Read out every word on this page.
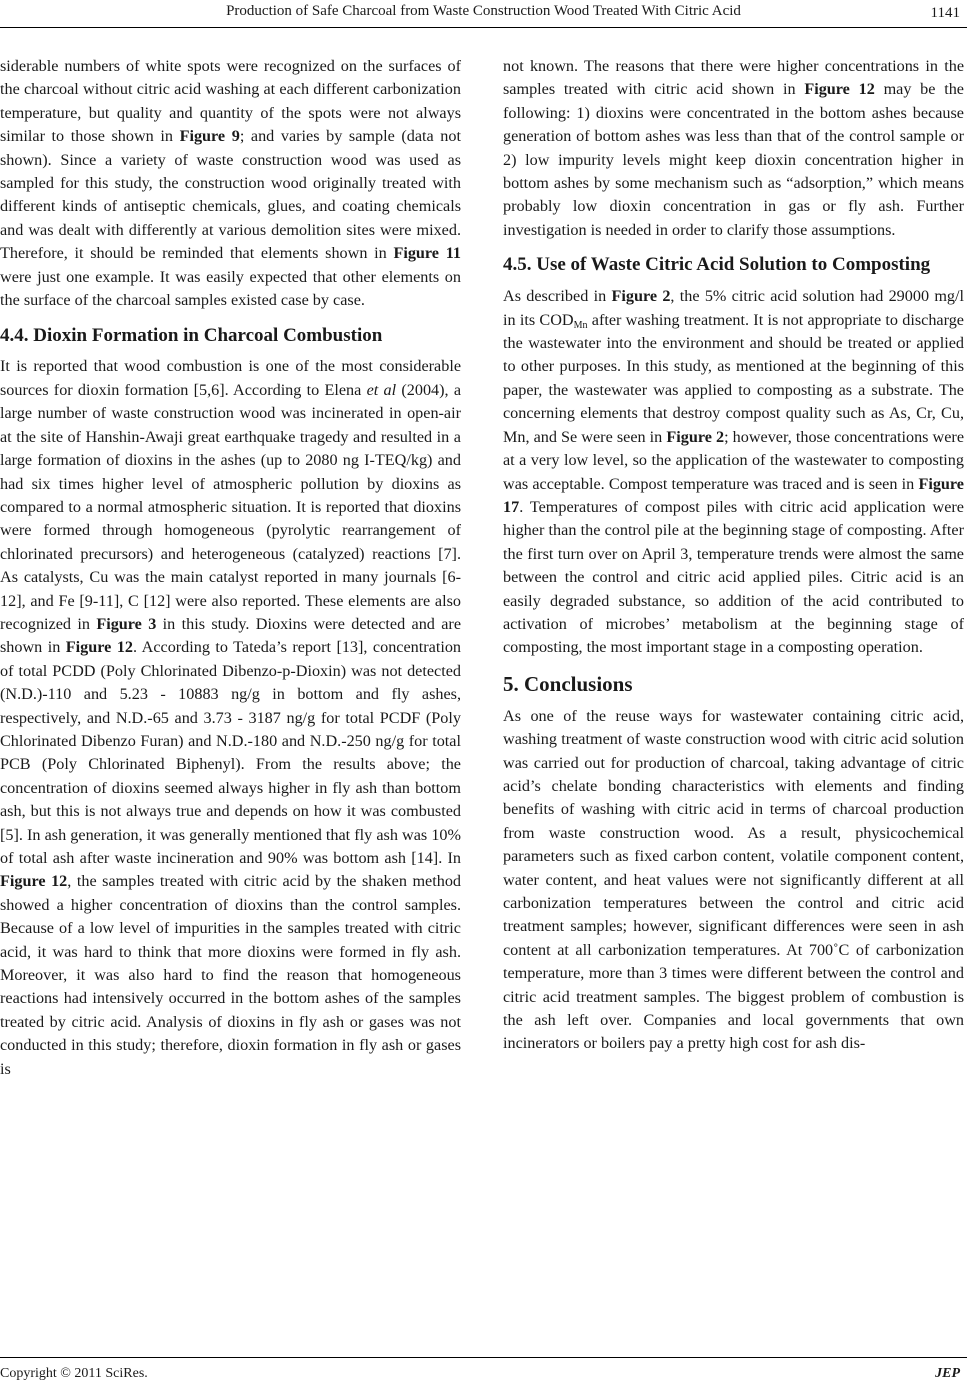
Production of Safe Charcoal from Waste Construction Wood Treated With Citric Acid	1141

siderable numbers of white spots were recognized on the surfaces of the charcoal without citric acid washing at each different carbonization temperature, but quality and quantity of the spots were not always similar to those shown in Figure 9; and varies by sample (data not shown). Since a variety of waste construction wood was used as sampled for this study, the construction wood originally treated with different kinds of antiseptic chemicals, glues, and coating chemicals and was dealt with differently at various demolition sites were mixed. Therefore, it should be reminded that elements shown in Figure 11 were just one example. It was easily expected that other elements on the surface of the charcoal samples existed case by case.

4.4. Dioxin Formation in Charcoal Combustion

It is reported that wood combustion is one of the most considerable sources for dioxin formation [5,6]. According to Elena et al (2004), a large number of waste construction wood was incinerated in open-air at the site of Hanshin-Awaji great earthquake tragedy and resulted in a large formation of dioxins in the ashes (up to 2080 ng I-TEQ/kg) and had six times higher level of atmospheric pollution by dioxins as compared to a normal atmospheric situation. It is reported that dioxins were formed through homogeneous (pyrolytic rearrangement of chlorinated precursors) and heterogeneous (catalyzed) reactions [7]. As catalysts, Cu was the main catalyst reported in many journals [6-12], and Fe [9-11], C [12] were also reported. These elements are also recognized in Figure 3 in this study. Dioxins were detected and are shown in Figure 12. According to Tateda’s report [13], concentration of total PCDD (Poly Chlorinated Dibenzo-p-Dioxin) was not detected (N.D.)-110 and 5.23 - 10883 ng/g in bottom and fly ashes, respectively, and N.D.-65 and 3.73 - 3187 ng/g for total PCDF (Poly Chlorinated Dibenzo Furan) and N.D.-180 and N.D.-250 ng/g for total PCB (Poly Chlorinated Biphenyl). From the results above; the concentration of dioxins seemed always higher in fly ash than bottom ash, but this is not always true and depends on how it was combusted [5]. In ash generation, it was generally mentioned that fly ash was 10% of total ash after waste incineration and 90% was bottom ash [14]. In Figure 12, the samples treated with citric acid by the shaken method showed a higher concentration of dioxins than the control samples. Because of a low level of impurities in the samples treated with citric acid, it was hard to think that more dioxins were formed in fly ash. Moreover, it was also hard to find the reason that homogeneous reactions had intensively occurred in the bottom ashes of the samples treated by citric acid. Analysis of dioxins in fly ash or gases was not conducted in this study; therefore, dioxin formation in fly ash or gases is

not known. The reasons that there were higher concentrations in the samples treated with citric acid shown in Figure 12 may be the following: 1) dioxins were concentrated in the bottom ashes because generation of bottom ashes was less than that of the control sample or 2) low impurity levels might keep dioxin concentration higher in bottom ashes by some mechanism such as “adsorption,” which means probably low dioxin concentration in gas or fly ash. Further investigation is needed in order to clarify those assumptions.

4.5. Use of Waste Citric Acid Solution to Composting

As described in Figure 2, the 5% citric acid solution had 29000 mg/l in its $COD_{Mn}$ after washing treatment. It is not appropriate to discharge the wastewater into the environment and should be treated or applied to other purposes. In this study, as mentioned at the beginning of this paper, the wastewater was applied to composting as a substrate. The concerning elements that destroy compost quality such as As, Cr, Cu, Mn, and Se were seen in Figure 2; however, those concentrations were at a very low level, so the application of the wastewater to composting was acceptable. Compost temperature was traced and is seen in Figure 17. Temperatures of compost piles with citric acid application were higher than the control pile at the beginning stage of composting. After the first turn over on April 3, temperature trends were almost the same between the control and citric acid applied piles. Citric acid is an easily degraded substance, so addition of the acid contributed to activation of microbes’ metabolism at the beginning stage of composting, the most important stage in a composting operation.

5. Conclusions

As one of the reuse ways for wastewater containing citric acid, washing treatment of waste construction wood with citric acid solution was carried out for production of charcoal, taking advantage of citric acid’s chelate bonding characteristics with elements and finding benefits of washing with citric acid in terms of charcoal production from waste construction wood. As a result, physicochemical parameters such as fixed carbon content, volatile component content, water content, and heat values were not significantly different at all carbonization temperatures between the control and citric acid treatment samples; however, significant differences were seen in ash content at all carbonization temperatures. At 700˚C of carbonization temperature, more than 3 times were different between the control and citric acid treatment samples. The biggest problem of combustion is the ash left over. Companies and local governments that own incinerators or boilers pay a pretty high cost for ash dis-

Copyright © 2011 SciRes.	JEP
